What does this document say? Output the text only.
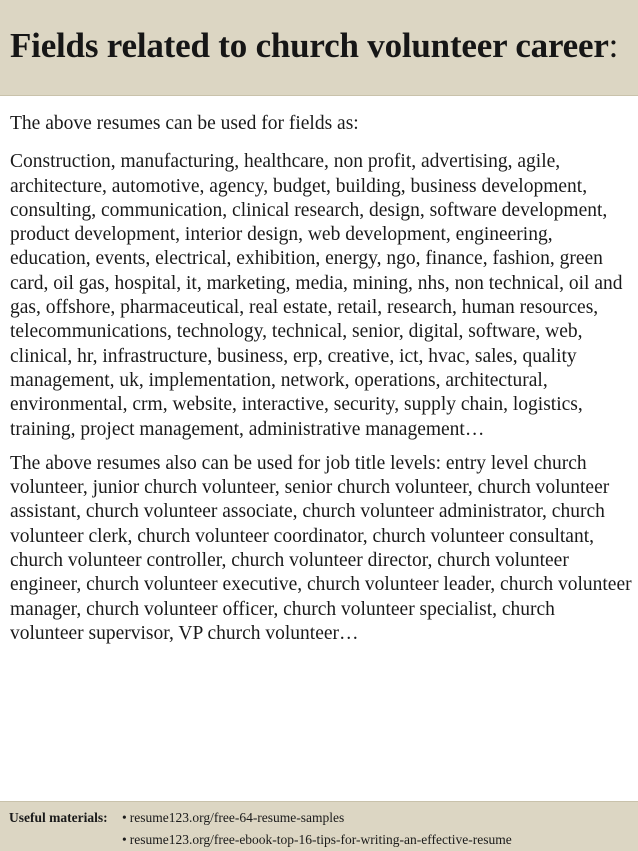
Fields related to church volunteer career:

The above resumes can be used for fields as:

Construction, manufacturing, healthcare, non profit, advertising, agile, architecture, automotive, agency, budget, building, business development, consulting, communication, clinical research, design, software development, product development, interior design, web development, engineering, education, events, electrical, exhibition, energy, ngo, finance, fashion, green card, oil gas, hospital, it, marketing, media, mining, nhs, non technical, oil and gas, offshore, pharmaceutical, real estate, retail, research, human resources, telecommunications, technology, technical, senior, digital, software, web, clinical, hr, infrastructure, business, erp, creative, ict, hvac, sales, quality management, uk, implementation, network, operations, architectural, environmental, crm, website, interactive, security, supply chain, logistics, training, project management, administrative management…

The above resumes also can be used for job title levels: entry level church volunteer, junior church volunteer, senior church volunteer, church volunteer assistant, church volunteer associate, church volunteer administrator, church volunteer clerk, church volunteer coordinator, church volunteer consultant, church volunteer controller, church volunteer director, church volunteer engineer, church volunteer executive, church volunteer leader, church volunteer manager, church volunteer officer, church volunteer specialist, church volunteer supervisor, VP church volunteer…

Useful materials: • resume123.org/free-64-resume-samples
• resume123.org/free-ebook-top-16-tips-for-writing-an-effective-resume
